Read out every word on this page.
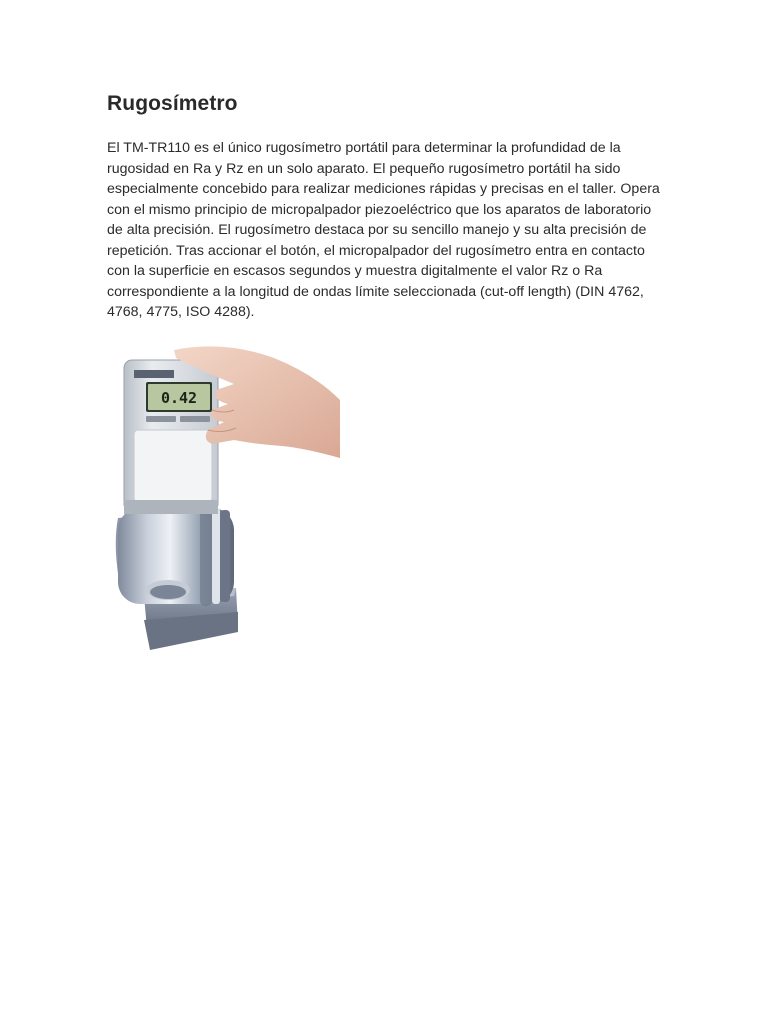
Rugosímetro

El TM-TR110 es el único rugosímetro portátil para determinar la profundidad de la rugosidad en Ra y Rz en un solo aparato. El pequeño rugosímetro portátil ha sido especialmente concebido para realizar mediciones rápidas y precisas en el taller. Opera con el mismo principio de micropalpador piezoeléctrico que los aparatos de laboratorio de alta precisión. El rugosímetro destaca por su sencillo manejo y su alta precisión de repetición. Tras accionar el botón, el micropalpador del rugosímetro entra en contacto con la superficie en escasos segundos y muestra digitalmente el valor Rz o Ra correspondiente a la longitud de ondas límite seleccionada (cut-off length) (DIN 4762, 4768, 4775, ISO 4288).

0.42
